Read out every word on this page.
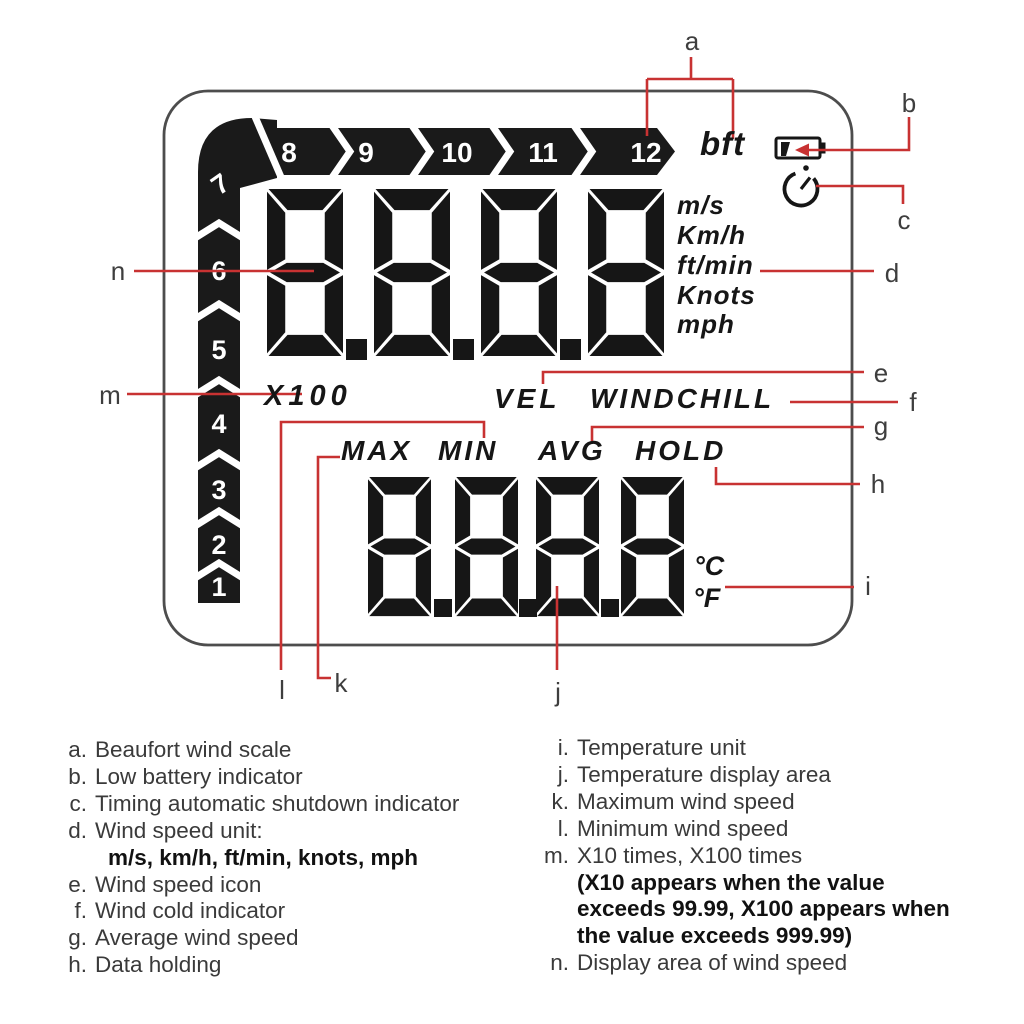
8 9 10 11	12
7
6
5
4
3
2
1
bft
m/s
Km/h
ft/min
Knots
mph
X100	VEL WINDCHILL
MAX MIN AVG HOLD
°C
°F
a
b
c
d
e
f
g
h
i
j
k
l
m
n
a. Beaufort wind scale
b. Low battery indicator
c. Timing automatic shutdown indicator
d. Wind speed unit:
m/s, km/h, ft/min, knots, mph
e. Wind speed icon
f. Wind cold indicator
g. Average wind speed
h. Data holding
i. Temperature unit
j. Temperature display area
k. Maximum wind speed
l. Minimum wind speed
m. X10 times, X100 times
(X10 appears when the value
exceeds 99.99, X100 appears when
the value exceeds 999.99)
n. Display area of wind speed
